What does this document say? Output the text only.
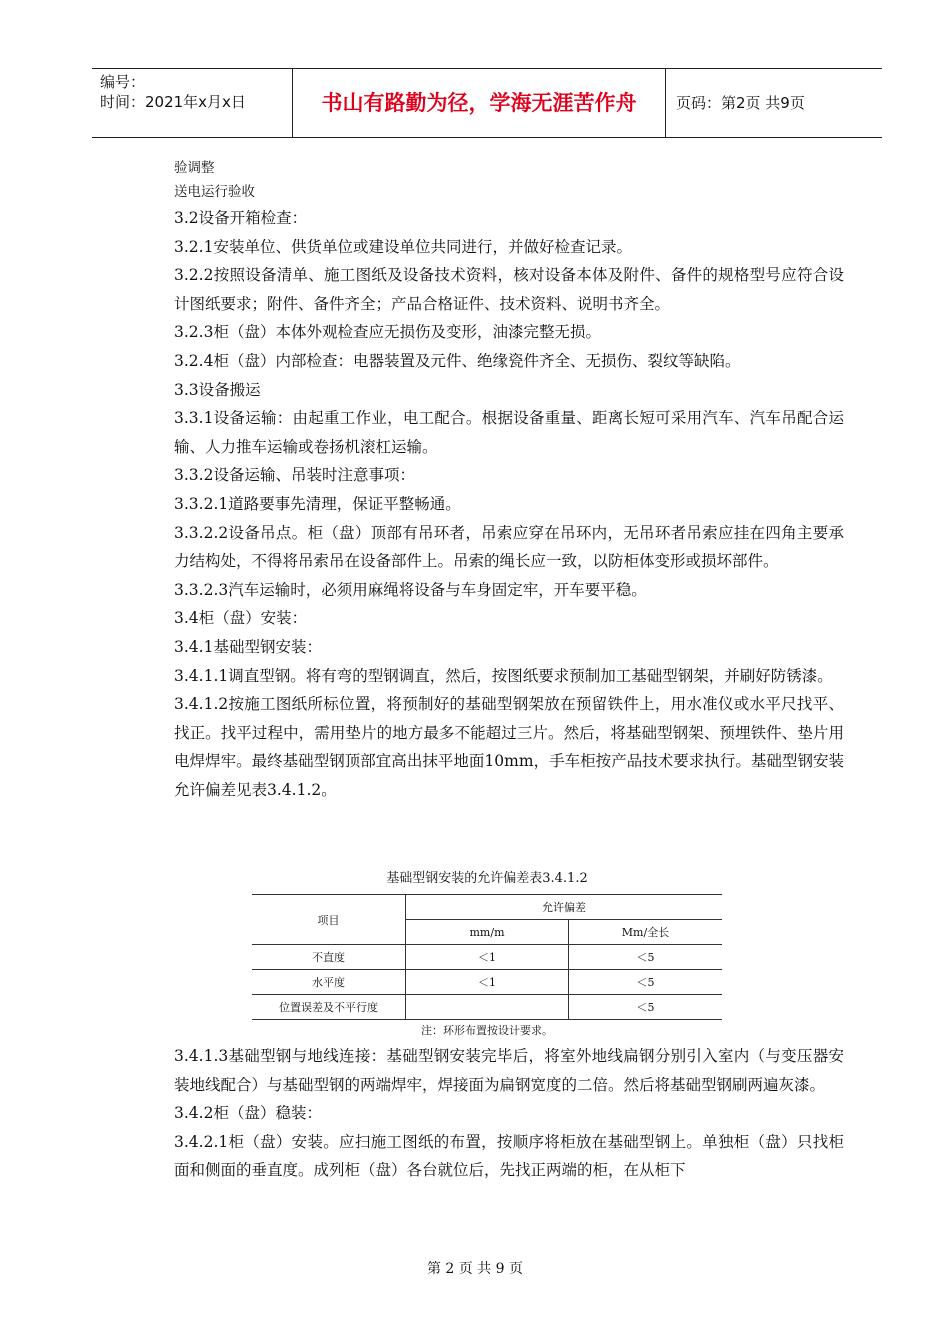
编号：
时间：2021年x月x日	书山有路勤为径，学海无涯苦作舟	页码：第2页 共9页

验调整

送电运行验收

3.2设备开箱检查：

3.2.1安装单位、供货单位或建设单位共同进行，并做好检查记录。

3.2.2按照设备清单、施工图纸及设备技术资料，核对设备本体及附件、备件的规格型号应符合设计图纸要求；附件、备件齐全；产品合格证件、技术资料、说明书齐全。

3.2.3柜（盘）本体外观检查应无损伤及变形，油漆完整无损。

3.2.4柜（盘）内部检查：电器装置及元件、绝缘瓷件齐全、无损伤、裂纹等缺陷。

3.3设备搬运

3.3.1设备运输：由起重工作业，电工配合。根据设备重量、距离长短可采用汽车、汽车吊配合运输、人力推车运输或卷扬机滚杠运输。

3.3.2设备运输、吊装时注意事项：

3.3.2.1道路要事先清理，保证平整畅通。

3.3.2.2设备吊点。柜（盘）顶部有吊环者，吊索应穿在吊环内，无吊环者吊索应挂在四角主要承力结构处，不得将吊索吊在设备部件上。吊索的绳长应一致，以防柜体变形或损坏部件。

3.3.2.3汽车运输时，必须用麻绳将设备与车身固定牢，开车要平稳。

3.4柜（盘）安装：

3.4.1基础型钢安装：

3.4.1.1调直型钢。将有弯的型钢调直，然后，按图纸要求预制加工基础型钢架，并刷好防锈漆。

3.4.1.2按施工图纸所标位置，将预制好的基础型钢架放在预留铁件上，用水准仪或水平尺找平、找正。找平过程中，需用垫片的地方最多不能超过三片。然后，将基础型钢架、预埋铁件、垫片用电焊焊牢。最终基础型钢顶部宜高出抹平地面10mm，手车柜按产品技术要求执行。基础型钢安装允许偏差见表3.4.1.2。

基础型钢安装的允许偏差表3.4.1.2
项目	允许偏差	
	mm/m	Mm/全长
不直度	＜1	＜5
水平度	＜1	＜5
位置误差及不平行度		＜5
注：环形布置按设计要求。

3.4.1.3基础型钢与地线连接：基础型钢安装完毕后，将室外地线扁钢分别引入室内（与变压器安装地线配合）与基础型钢的两端焊牢，焊接面为扁钢宽度的二倍。然后将基础型钢刷两遍灰漆。

3.4.2柜（盘）稳装：

3.4.2.1柜（盘）安装。应扫施工图纸的布置，按顺序将柜放在基础型钢上。单独柜（盘）只找柜面和侧面的垂直度。成列柜（盘）各台就位后，先找正两端的柜，在从柜下

第 2 页 共 9 页
